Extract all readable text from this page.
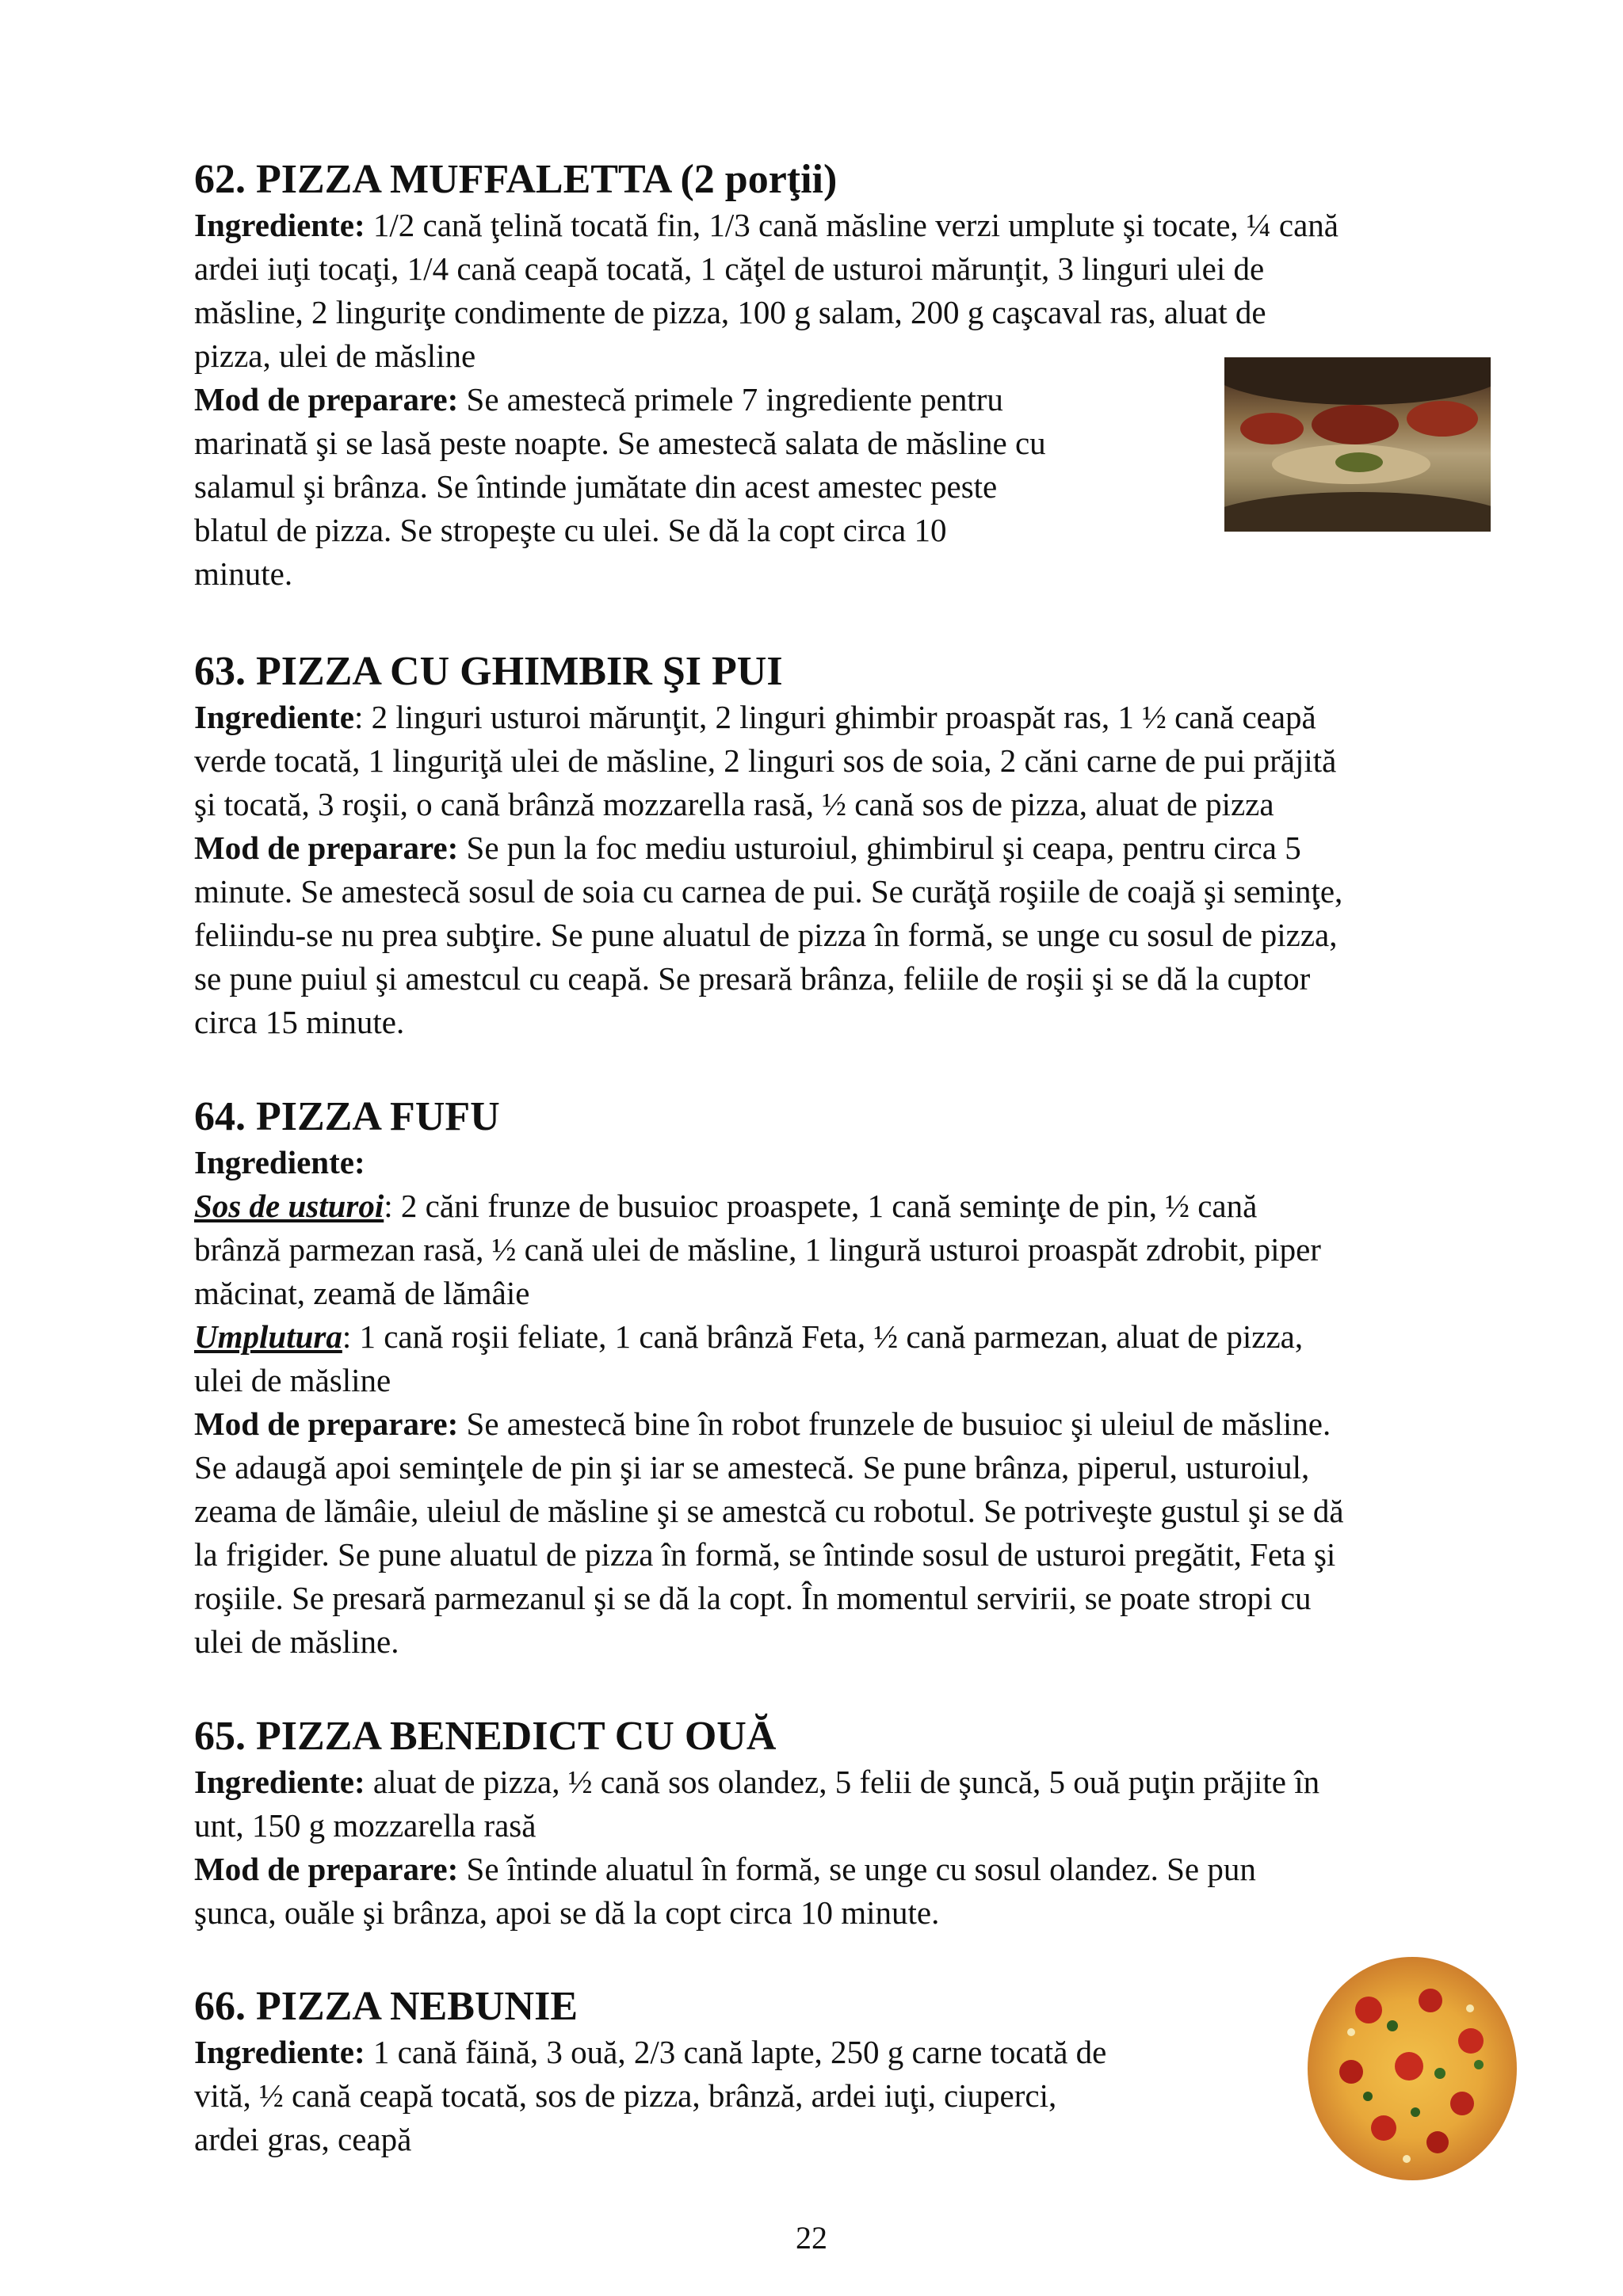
62. PIZZA MUFFALETTA (2 porţii)
Ingrediente: 1/2 cană ţelină tocată fin, 1/3 cană măsline verzi umplute şi tocate, ¼ cană
ardei iuţi tocaţi, 1/4 cană ceapă tocată, 1 căţel de usturoi mărunţit, 3 linguri ulei de
măsline, 2 linguriţe condimente de pizza, 100 g salam, 200 g caşcaval ras, aluat de
pizza, ulei de măsline
Mod de preparare: Se amestecă primele 7 ingrediente pentru
marinată şi se lasă peste noapte. Se amestecă salata de măsline cu
salamul şi brânza. Se întinde jumătate din acest amestec peste
blatul de pizza. Se stropeşte cu ulei. Se dă la copt circa 10
minute.
63. PIZZA CU GHIMBIR ŞI PUI
Ingrediente: 2 linguri usturoi mărunţit, 2 linguri ghimbir proaspăt ras, 1 ½ cană ceapă
verde tocată, 1 linguriţă ulei de măsline, 2 linguri sos de soia, 2 căni carne de pui prăjită
şi tocată, 3 roşii, o cană brânză mozzarella rasă, ½ cană sos de pizza, aluat de pizza
Mod de preparare: Se pun la foc mediu usturoiul, ghimbirul şi ceapa, pentru circa 5
minute. Se amestecă sosul de soia cu carnea de pui. Se curăţă roşiile de coajă şi seminţe,
feliindu-se nu prea subţire. Se pune aluatul de pizza în formă, se unge cu sosul de pizza,
se pune puiul şi amestcul cu ceapă. Se presară brânza, feliile de roşii şi se dă la cuptor
circa 15 minute.
64. PIZZA FUFU
Ingrediente:
Sos de usturoi: 2 căni frunze de busuioc proaspete, 1 cană seminţe de pin, ½ cană
brânză parmezan rasă, ½ cană ulei de măsline, 1 lingură usturoi proaspăt zdrobit, piper
măcinat, zeamă de lămâie
Umplutura: 1 cană roşii feliate, 1 cană brânză Feta, ½ cană parmezan, aluat de pizza,
ulei de măsline
Mod de preparare: Se amestecă bine în robot frunzele de busuioc şi uleiul de măsline.
Se adaugă apoi seminţele de pin şi iar se amestecă. Se pune brânza, piperul, usturoiul,
zeama de lămâie, uleiul de măsline şi se amestcă cu robotul. Se potriveşte gustul şi se dă
la frigider. Se pune aluatul de pizza în formă, se întinde sosul de usturoi pregătit, Feta şi
roşiile. Se presară parmezanul şi se dă la copt. În momentul servirii, se poate stropi cu
ulei de măsline.
65. PIZZA BENEDICT CU OUĂ
Ingrediente: aluat de pizza, ½ cană sos olandez, 5 felii de şuncă, 5 ouă puţin prăjite în
unt, 150 g mozzarella rasă
Mod de preparare: Se întinde aluatul în formă, se unge cu sosul olandez. Se pun
şunca, ouăle şi brânza, apoi se dă la copt circa 10 minute.
66. PIZZA NEBUNIE
Ingrediente: 1 cană făină, 3 ouă, 2/3 cană lapte, 250 g carne tocată de
vită, ½ cană ceapă tocată, sos de pizza, brânză, ardei iuţi, ciuperci,
ardei gras, ceapă
22
